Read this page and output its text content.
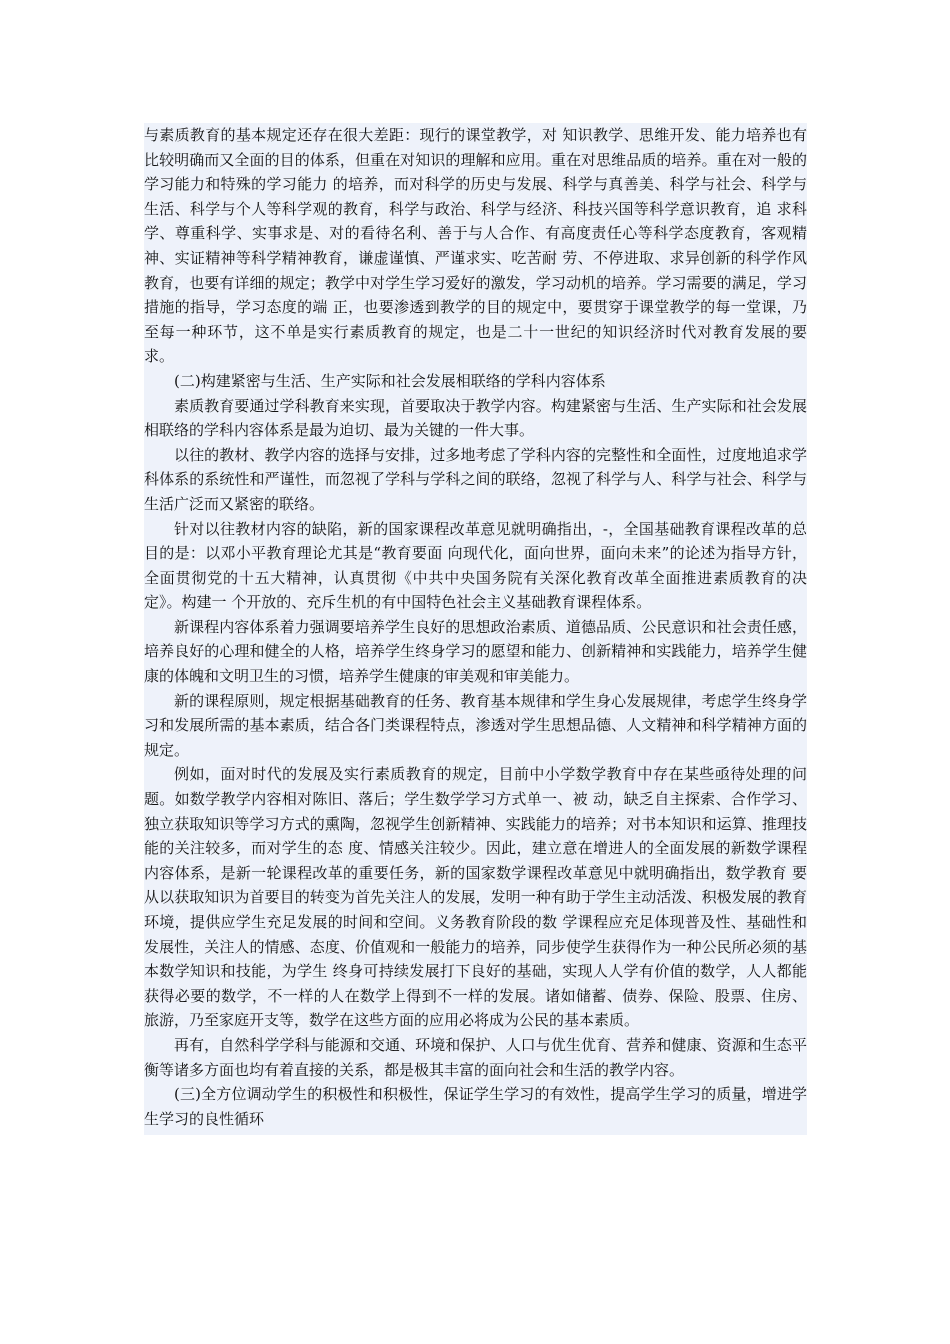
与素质教育的基本规定还存在很大差距：现行的课堂教学，对 知识教学、思维开发、能力培养也有比较明确而又全面的目的体系，但重在对知识的理解和应用。重在对思维品质的培养。重在对一般的学习能力和特殊的学习能力 的培养，而对科学的历史与发展、科学与真善美、科学与社会、科学与生活、科学与个人等科学观的教育，科学与政治、科学与经济、科技兴国等科学意识教育，追 求科学、尊重科学、实事求是、对的看待名利、善于与人合作、有高度责任心等科学态度教育，客观精神、实证精神等科学精神教育，谦虚谨慎、严谨求实、吃苦耐 劳、不停进取、求异创新的科学作风教育，也要有详细的规定；教学中对学生学习爱好的激发，学习动机的培养。学习需要的满足，学习措施的指导，学习态度的端 正，也要渗透到教学的目的规定中，要贯穿于课堂教学的每一堂课，乃至每一种环节，这不单是实行素质教育的规定，也是二十一世纪的知识经济时代对教育发展的要 求。

(二)构建紧密与生活、生产实际和社会发展相联络的学科内容体系

素质教育要通过学科教育来实现，首要取决于教学内容。构建紧密与生活、生产实际和社会发展相联络的学科内容体系是最为迫切、最为关键的一件大事。

以往的教材、教学内容的选择与安排，过多地考虑了学科内容的完整性和全面性，过度地追求学科体系的系统性和严谨性，而忽视了学科与学科之间的联络，忽视了科学与人、科学与社会、科学与生活广泛而又紧密的联络。

针对以往教材内容的缺陷，新的国家课程改革意见就明确指出，-，全国基础教育课程改革的总目的是：以邓小平教育理论尤其是“教育要面 向现代化，面向世界，面向未来”的论述为指导方针，全面贯彻党的十五大精神，认真贯彻《中共中央国务院有关深化教育改革全面推进素质教育的决定》。构建一 个开放的、充斥生机的有中国特色社会主义基础教育课程体系。

新课程内容体系着力强调要培养学生良好的思想政治素质、道德品质、公民意识和社会责任感，培养良好的心理和健全的人格，培养学生终身学习的愿望和能力、创新精神和实践能力，培养学生健康的体魄和文明卫生的习惯，培养学生健康的审美观和审美能力。

新的课程原则，规定根据基础教育的任务、教育基本规律和学生身心发展规律，考虑学生终身学习和发展所需的基本素质，结合各门类课程特点，渗透对学生思想品德、人文精神和科学精神方面的规定。

例如，面对时代的发展及实行素质教育的规定，目前中小学数学教育中存在某些亟待处理的问题。如数学教学内容相对陈旧、落后；学生数学学习方式单一、被 动，缺乏自主探索、合作学习、独立获取知识等学习方式的熏陶，忽视学生创新精神、实践能力的培养；对书本知识和运算、推理技能的关注较多，而对学生的态 度、情感关注较少。因此，建立意在增进人的全面发展的新数学课程内容体系，是新一轮课程改革的重要任务，新的国家数学课程改革意见中就明确指出，数学教育 要从以获取知识为首要目的转变为首先关注人的发展，发明一种有助于学生主动活泼、积极发展的教育环境，提供应学生充足发展的时间和空间。义务教育阶段的数 学课程应充足体现普及性、基础性和发展性，关注人的情感、态度、价值观和一般能力的培养，同步使学生获得作为一种公民所必须的基本数学知识和技能，为学生 终身可持续发展打下良好的基础，实现人人学有价值的数学，人人都能获得必要的数学，不一样的人在数学上得到不一样的发展。诸如储蓄、债券、保险、股票、住房、 旅游，乃至家庭开支等，数学在这些方面的应用必将成为公民的基本素质。

再有，自然科学学科与能源和交通、环境和保护、人口与优生优育、营养和健康、资源和生态平衡等诸多方面也均有着直接的关系，都是极其丰富的面向社会和生活的教学内容。

(三)全方位调动学生的积极性和积极性，保证学生学习的有效性，提高学生学习的质量，增进学生学习的良性循环
